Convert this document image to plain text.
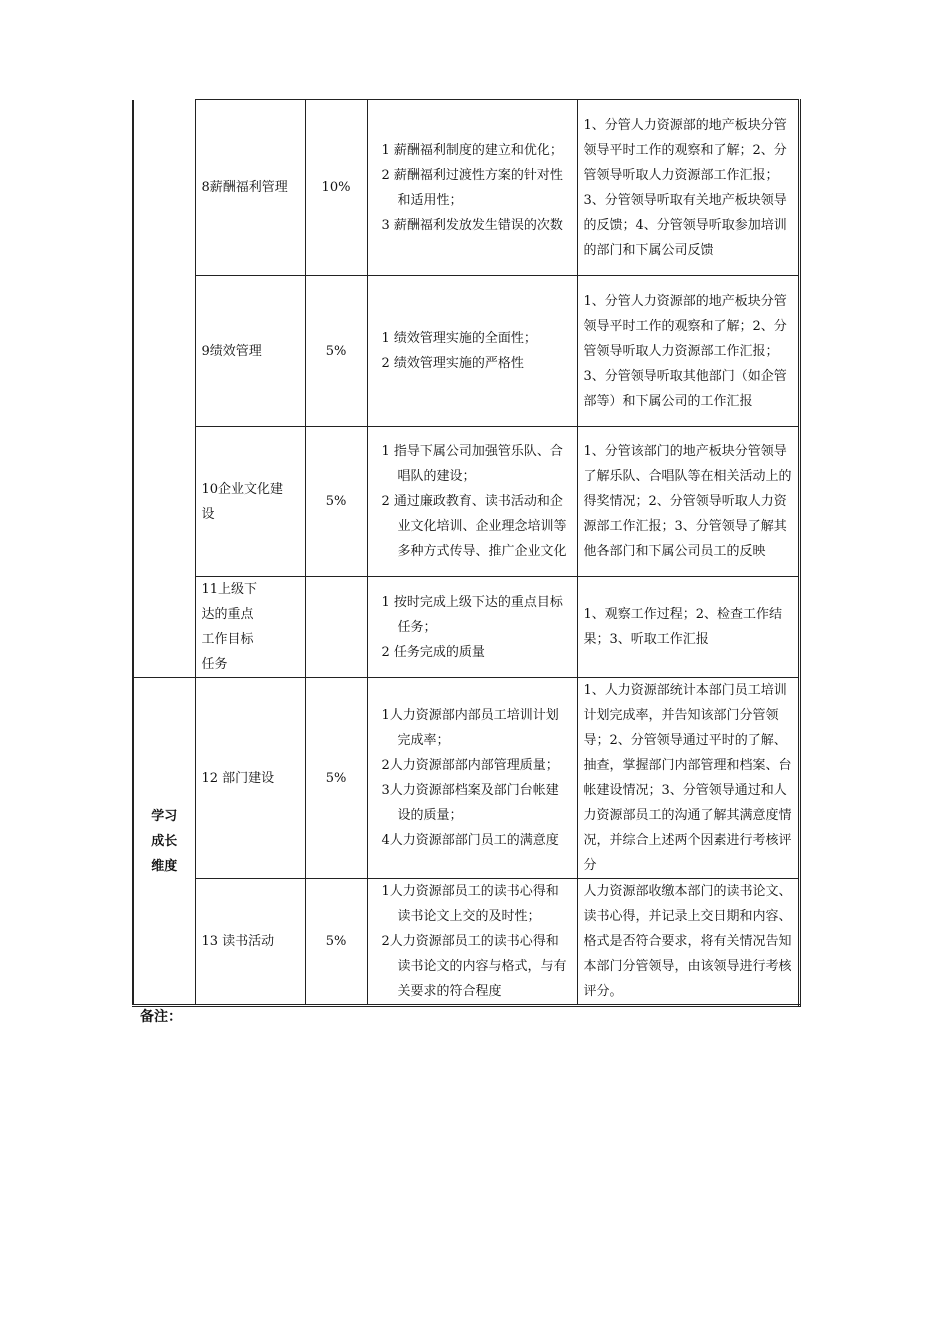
	8薪酬福利管理	10%	1 薪酬福利制度的建立和优化；
2 薪酬福利过渡性方案的针对性和适用性；
3 薪酬福利发放发生错误的次数	1、分管人力资源部的地产板块分管领导平时工作的观察和了解；2、分管领导听取人力资源部工作汇报；3、分管领导听取有关地产板块领导的反馈；4、分管领导听取参加培训的部门和下属公司反馈

	9绩效管理	5%	1 绩效管理实施的全面性；
2 绩效管理实施的严格性	1、分管人力资源部的地产板块分管领导平时工作的观察和了解；2、分管领导听取人力资源部工作汇报；3、分管领导听取其他部门（如企管部等）和下属公司的工作汇报

	10企业文化建设	5%	1 指导下属公司加强管乐队、合唱队的建设；
2 通过廉政教育、读书活动和企业文化培训、企业理念培训等多种方式传导、推广企业文化	1、分管该部门的地产板块分管领导了解乐队、合唱队等在相关活动上的得奖情况；2、分管领导听取人力资源部工作汇报；3、分管领导了解其他各部门和下属公司员工的反映

	11上级下达的重点工作目标任务		1 按时完成上级下达的重点目标任务；
2 任务完成的质量	1、观察工作过程；2、检查工作结果；3、听取工作汇报
学习成长维度	12 部门建设	5%	1人力资源部内部员工培训计划完成率；
2人力资源部部内部管理质量；
3人力资源部档案及部门台帐建设的质量；
4人力资源部部门员工的满意度	1、人力资源部统计本部门员工培训计划完成率，并告知该部门分管领导；2、分管领导通过平时的了解、抽查，掌握部门内部管理和档案、台帐建设情况；3、分管领导通过和人力资源部员工的沟通了解其满意度情况，并综合上述两个因素进行考核评分

	13 读书活动	5%	1人力资源部员工的读书心得和读书论文上交的及时性；
2人力资源部员工的读书心得和读书论文的内容与格式，与有关要求的符合程度	人力资源部收缴本部门的读书论文、读书心得，并记录上交日期和内容、格式是否符合要求，将有关情况告知本部门分管领导，由该领导进行考核评分。
备注：
